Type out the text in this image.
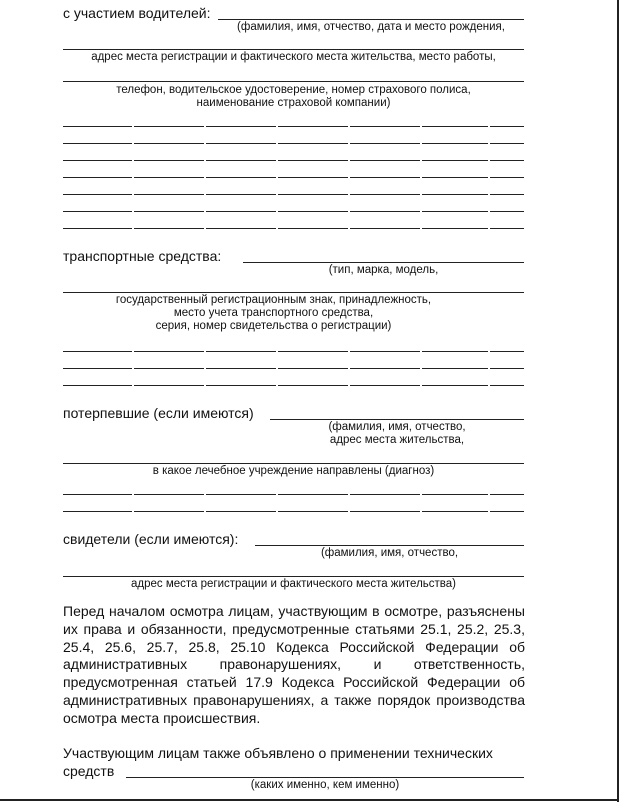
с участием водителей:
(фамилия, имя, отчество, дата и место рождения,
адрес места регистрации и фактического места жительства, место работы,
телефон, водительское удостоверение, номер страхового полиса,
наименование страховой компании)
транспортные средства:
(тип, марка, модель,
государственный регистрационным знак, принадлежность,
место учета транспортного средства,
серия, номер свидетельства о регистрации)
потерпевшие (если имеются)
(фамилия, имя, отчество,
адрес места жительства,
в какое лечебное учреждение направлены (диагноз)
свидетели (если имеются):
(фамилия, имя, отчество,
адрес места регистрации и фактического места жительства)
Перед началом осмотра лицам, участвующим в осмотре, разъяснены их права и обязанности, предусмотренные статьями 25.1, 25.2, 25.3, 25.4, 25.6, 25.7, 25.8, 25.10 Кодекса Российской Федерации об административных правонарушениях, и ответственность, предусмотренная статьей 17.9 Кодекса Российской Федерации об административных правонарушениях, а также порядок производства осмотра места происшествия.
Участвующим лицам также объявлено о применении технических
средств
(каких именно, кем именно)
